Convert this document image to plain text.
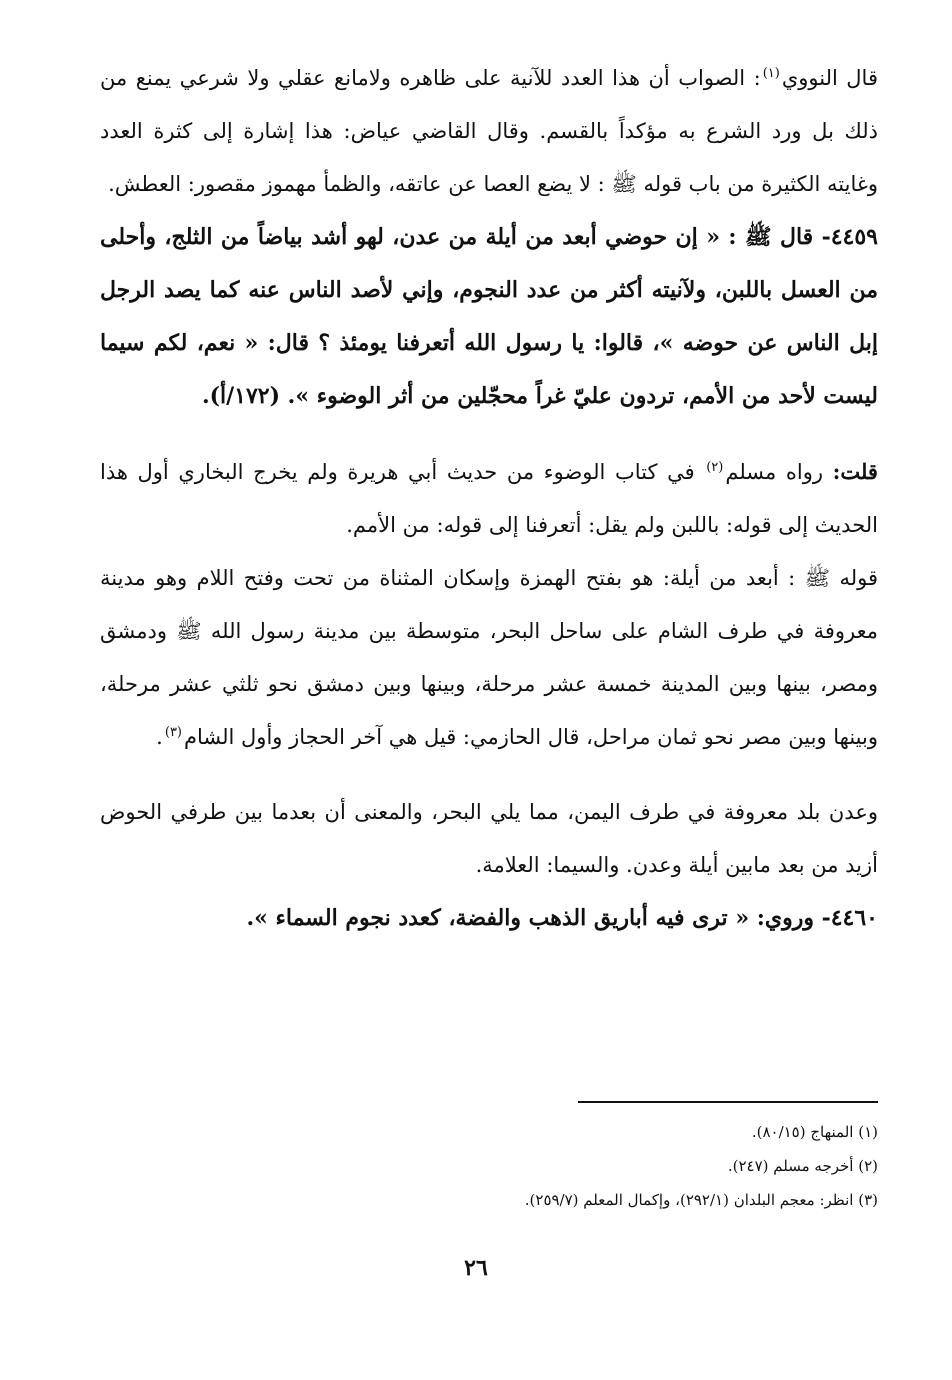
قال النووي$^{(١)}$: الصواب أن هذا العدد للآنية على ظاهره ولامانع عقلي ولا شرعي يمنع من ذلك بل ورد الشرع به مؤكداً بالقسم. وقال القاضي عياض: هذا إشارة إلى كثرة العدد وغايته الكثيرة من باب قوله ﷺ : لا يضع العصا عن عاتقه، والظمأ مهموز مقصور: العطش.

٤٤٥٩- قال ﷺ : « إن حوضي أبعد من أيلة من عدن، لهو أشد بياضاً من الثلج، وأحلى من العسل باللبن، ولآنيته أكثر من عدد النجوم، وإني لأصد الناس عنه كما يصد الرجل إبل الناس عن حوضه »، قالوا: يا رسول الله أتعرفنا يومئذ ؟ قال: « نعم، لكم سيما ليست لأحد من الأمم، تردون عليّ غراً محجّلين من أثر الوضوء ». (١٧٢/أ).

قلت: رواه مسلم$^{(٢)}$ في كتاب الوضوء من حديث أبي هريرة ولم يخرج البخاري أول هذا الحديث إلى قوله: باللبن ولم يقل: أتعرفنا إلى قوله: من الأمم.

قوله ﷺ : أبعد من أيلة: هو بفتح الهمزة وإسكان المثناة من تحت وفتح اللام وهو مدينة معروفة في طرف الشام على ساحل البحر، متوسطة بين مدينة رسول الله ﷺ ودمشق ومصر، بينها وبين المدينة خمسة عشر مرحلة، وبينها وبين دمشق نحو ثلثي عشر مرحلة، وبينها وبين مصر نحو ثمان مراحل، قال الحازمي: قيل هي آخر الحجاز وأول الشام$^{(٣)}$.

وعدن بلد معروفة في طرف اليمن، مما يلي البحر، والمعنى أن بعدما بين طرفي الحوض أزيد من بعد مابين أيلة وعدن. والسيما: العلامة.

٤٤٦٠- وروي: « ترى فيه أباريق الذهب والفضة، كعدد نجوم السماء ».

(١) المنهاج (٨٠/١٥).

(٢) أخرجه مسلم (٢٤٧).

(٣) انظر: معجم البلدان (٢٩٢/١)، وإكمال المعلم (٢٥٩/٧).

٢٦
